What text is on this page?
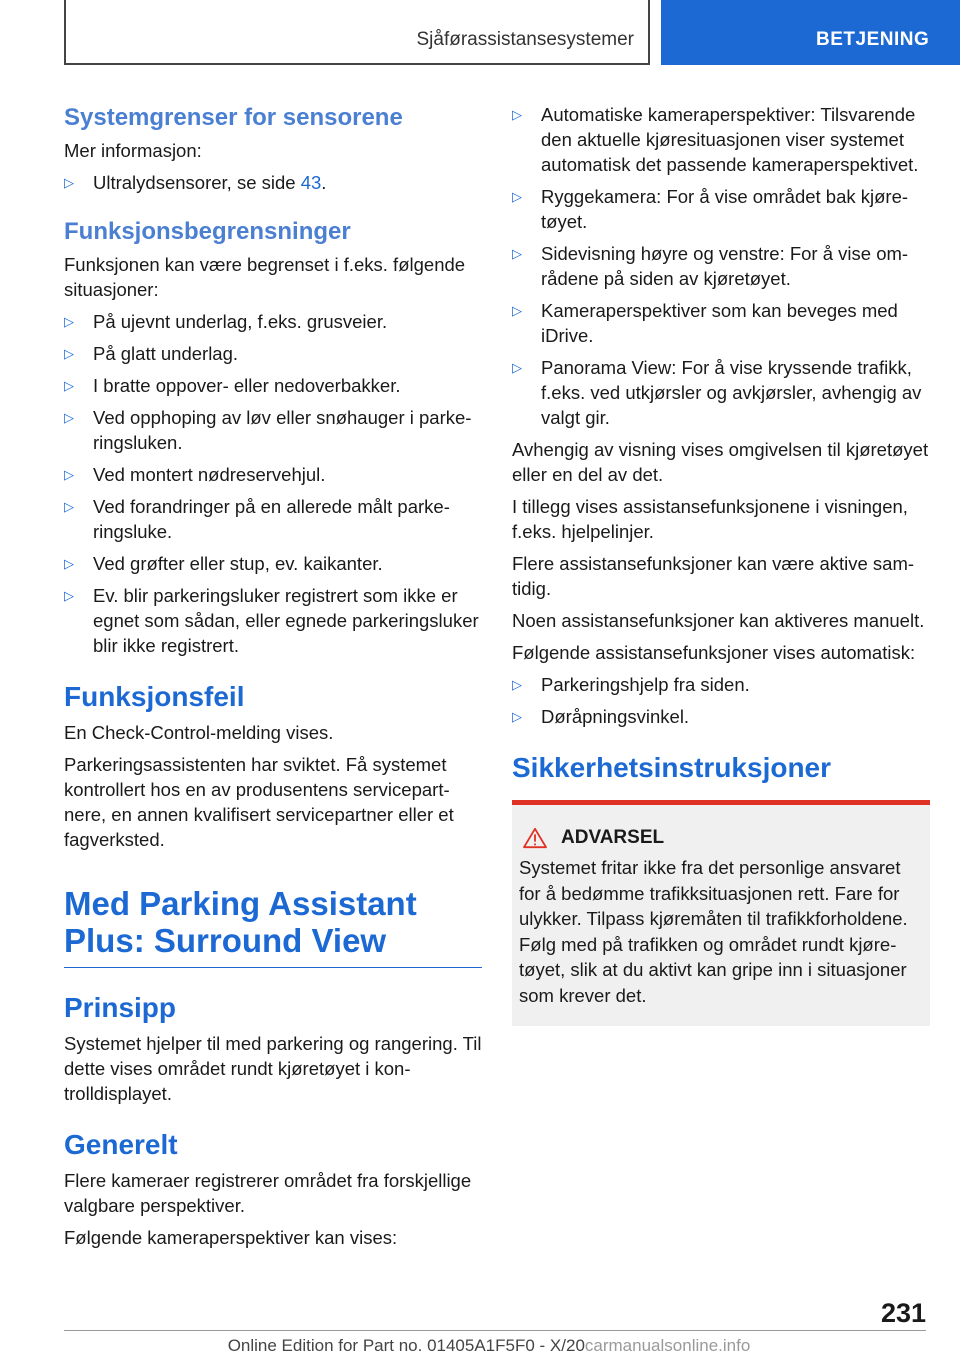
Sjåførassistansesystemer	BETJENING
Systemgrenser for sensorene
Mer informasjon:
▷ Ultralydsensorer, se side 43.
Funksjonsbegrensninger
Funksjonen kan være begrenset i f.eks. følgende situasjoner:
▷ På ujevnt underlag, f.eks. grusveier.
▷ På glatt underlag.
▷ I bratte oppover- eller nedoverbakker.
▷ Ved opphoping av løv eller snøhauger i parkeringsluken.
▷ Ved montert nødreservehjul.
▷ Ved forandringer på en allerede målt parkeringsluke.
▷ Ved grøfter eller stup, ev. kaikanter.
▷ Ev. blir parkeringsluker registrert som ikke er egnet som sådan, eller egnede parkeringsluker blir ikke registrert.
Funksjonsfeil
En Check-Control-melding vises.
Parkeringsassistenten har sviktet. Få systemet kontrollert hos en av produsentens servicepartnere, en annen kvalifisert servicepartner eller et fagverksted.
Med Parking Assistant Plus: Surround View
Prinsipp
Systemet hjelper til med parkering og rangering. Til dette vises området rundt kjøretøyet i kontrolldisplayet.
Generelt
Flere kameraer registrerer området fra forskjellige valgbare perspektiver.
Følgende kameraperspektiver kan vises:
▷ Automatiske kameraperspektiver: Tilsvarende den aktuelle kjøresituasjonen viser systemet automatisk det passende kameraperspektivet.
▷ Ryggekamera: For å vise området bak kjøretøyet.
▷ Sidevisning høyre og venstre: For å vise områdene på siden av kjøretøyet.
▷ Kameraperspektiver som kan beveges med iDrive.
▷ Panorama View: For å vise kryssende trafikk, f.eks. ved utkjørsler og avkjørsler, avhengig av valgt gir.
Avhengig av visning vises omgivelsen til kjøretøyet eller en del av det.
I tillegg vises assistansefunksjonene i visningen, f.eks. hjelpelinjer.
Flere assistansefunksjoner kan være aktive samtidig.
Noen assistansefunksjoner kan aktiveres manuelt.
Følgende assistansefunksjoner vises automatisk:
▷ Parkeringshjelp fra siden.
▷ Døråpningsvinkel.
Sikkerhetsinstruksjoner
ADVARSEL
Systemet fritar ikke fra det personlige ansvaret for å bedømme trafikksituasjonen rett. Fare for ulykker. Tilpass kjøremåten til trafikkforholdene. Følg med på trafikken og området rundt kjøretøyet, slik at du aktivt kan gripe inn i situasjoner som krever det.
231
Online Edition for Part no. 01405A1F5F0 - X/20carmanualsonline.info
